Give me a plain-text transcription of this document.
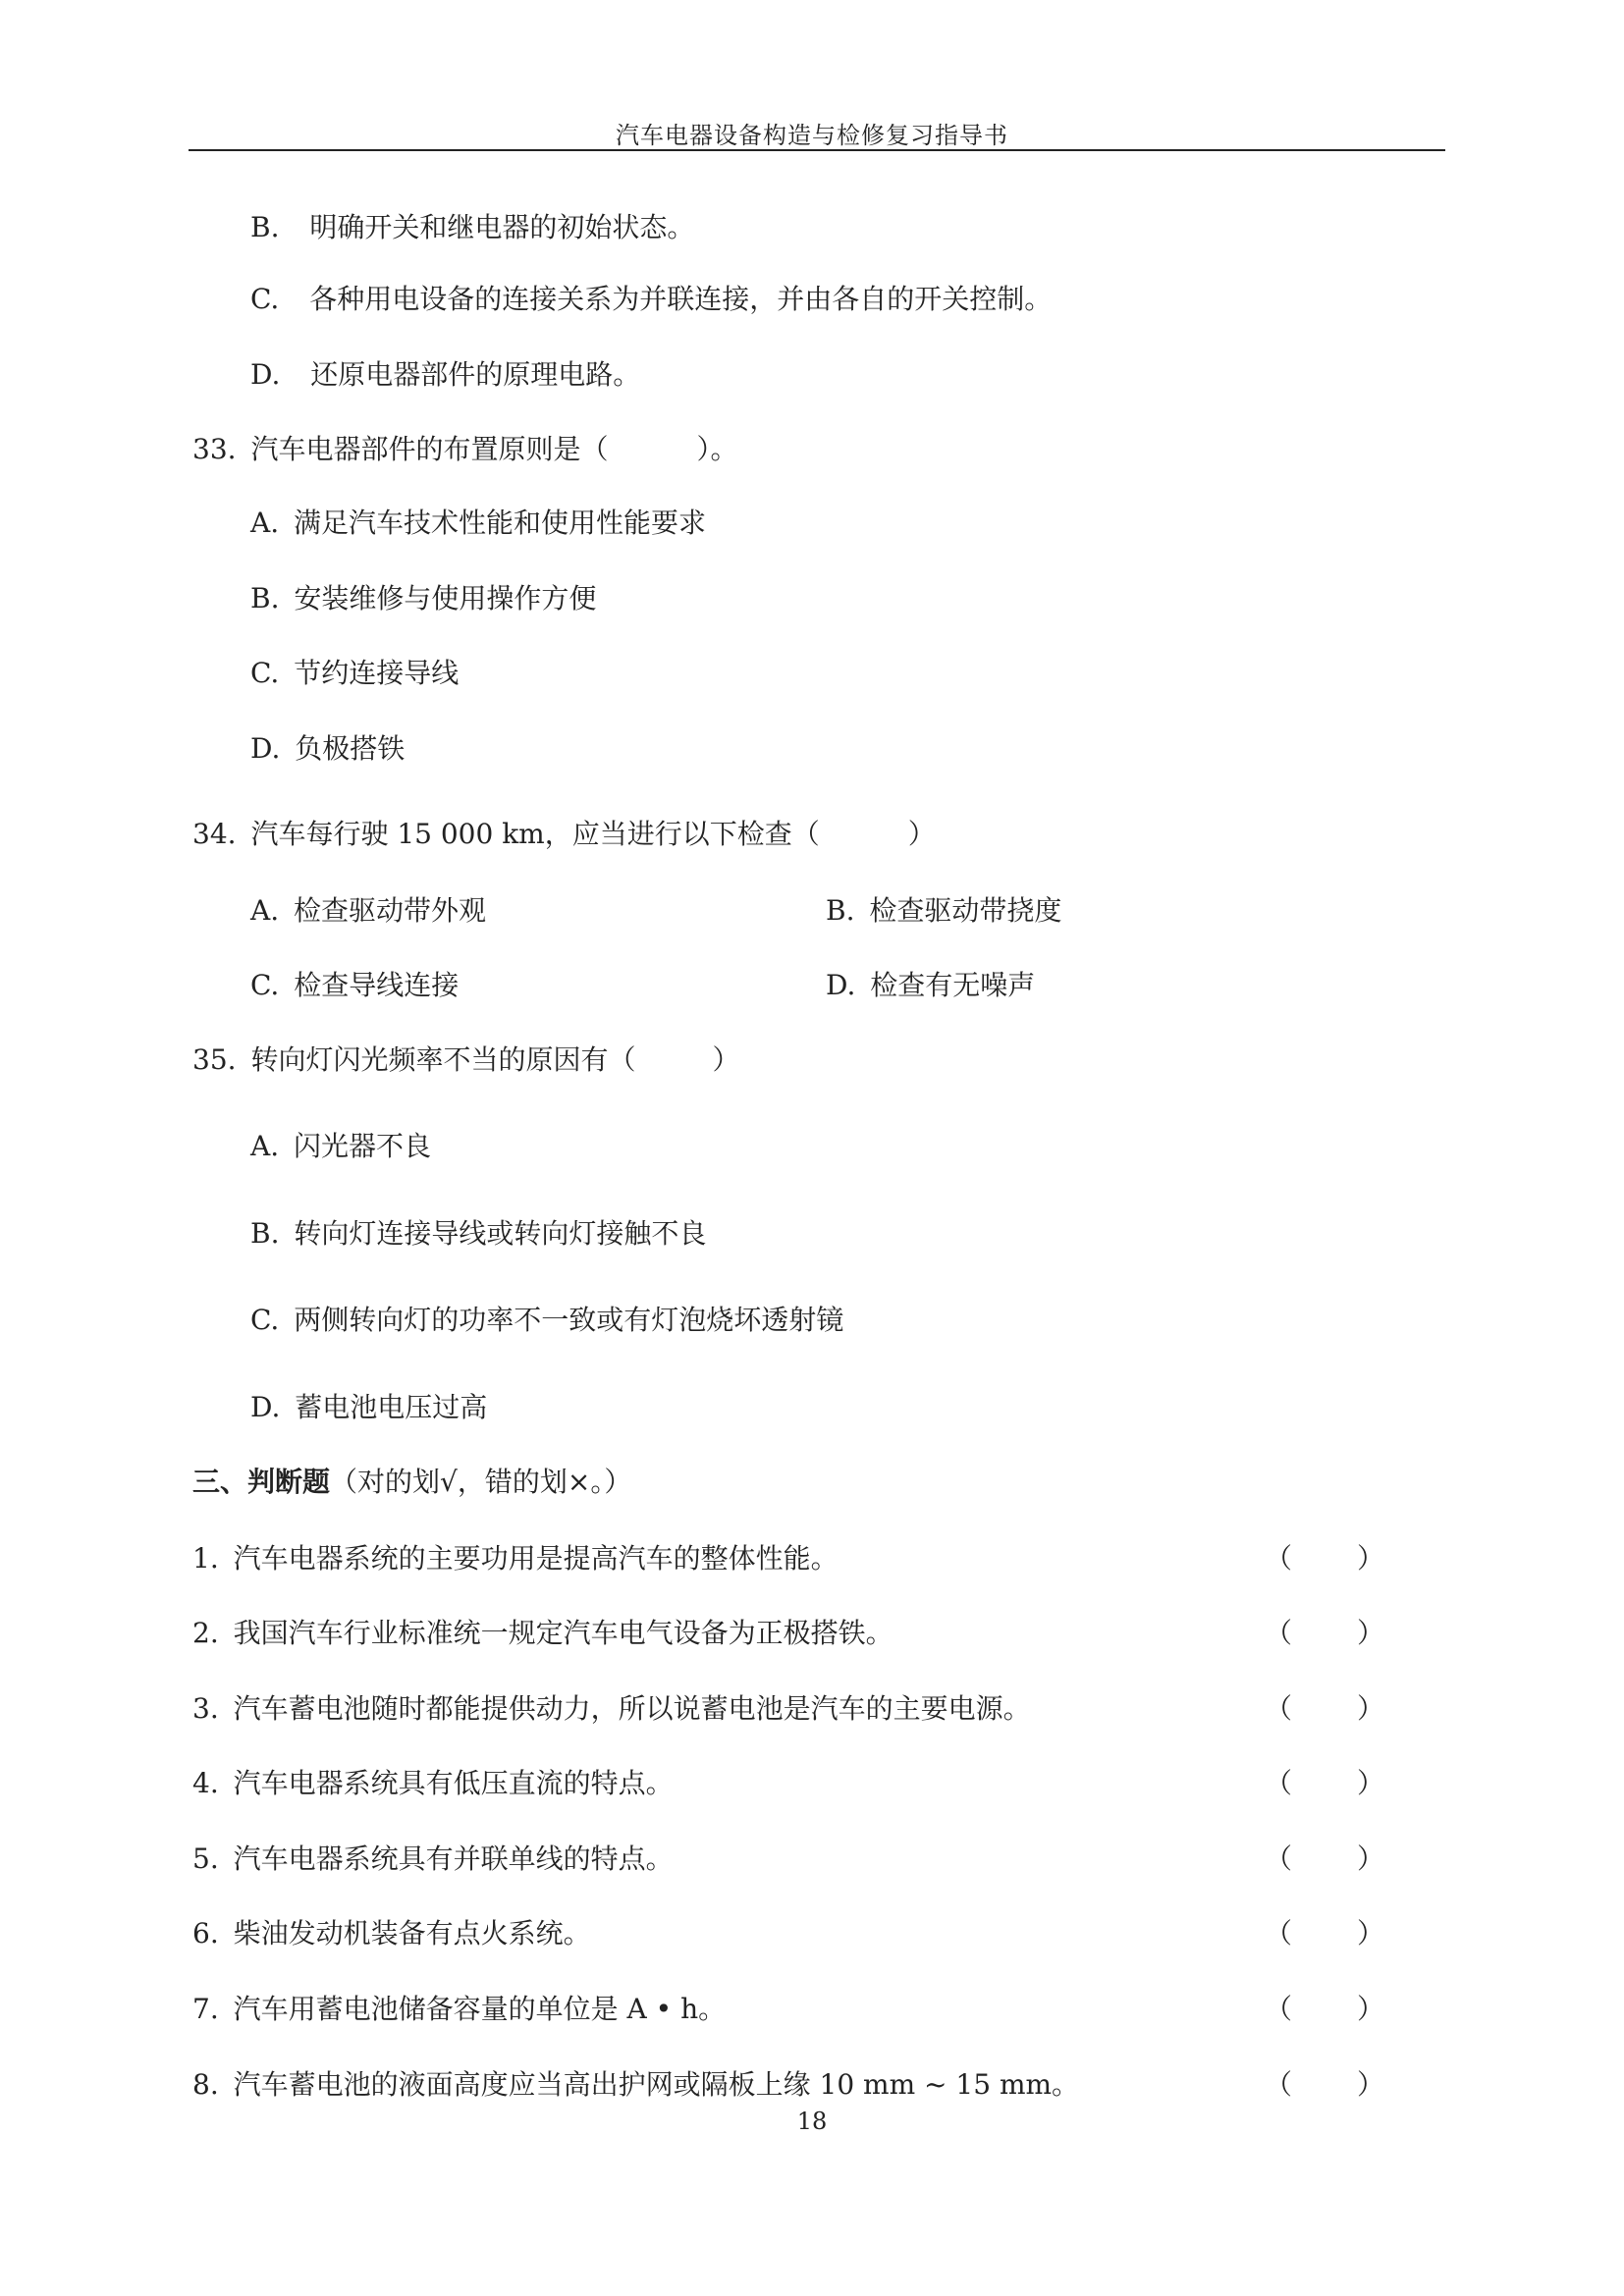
汽车电器设备构造与检修复习指导书
B. 明确开关和继电器的初始状态。
C. 各种用电设备的连接关系为并联连接，并由各自的开关控制。
D. 还原电器部件的原理电路。
33. 汽车电器部件的布置原则是（	）。
A. 满足汽车技术性能和使用性能要求
B. 安装维修与使用操作方便
C. 节约连接导线
D. 负极搭铁
34. 汽车每行驶 15 000 km，应当进行以下检查（	）
A. 检查驱动带外观	B. 检查驱动带挠度
C. 检查导线连接	D. 检查有无噪声
35. 转向灯闪光频率不当的原因有（	）
A. 闪光器不良
B. 转向灯连接导线或转向灯接触不良
C. 两侧转向灯的功率不一致或有灯泡烧坏透射镜
D. 蓄电池电压过高
三、判断题（对的划√，错的划×。）
1. 汽车电器系统的主要功用是提高汽车的整体性能。	（ ）
2. 我国汽车行业标准统一规定汽车电气设备为正极搭铁。	（ ）
3. 汽车蓄电池随时都能提供动力，所以说蓄电池是汽车的主要电源。	（ ）
4. 汽车电器系统具有低压直流的特点。	（ ）
5. 汽车电器系统具有并联单线的特点。	（ ）
6. 柴油发动机装备有点火系统。	（ ）
7. 汽车用蓄电池储备容量的单位是 A • h。	（ ）
8. 汽车蓄电池的液面高度应当高出护网或隔板上缘 10 mm ~ 15 mm。	（ ）
18
